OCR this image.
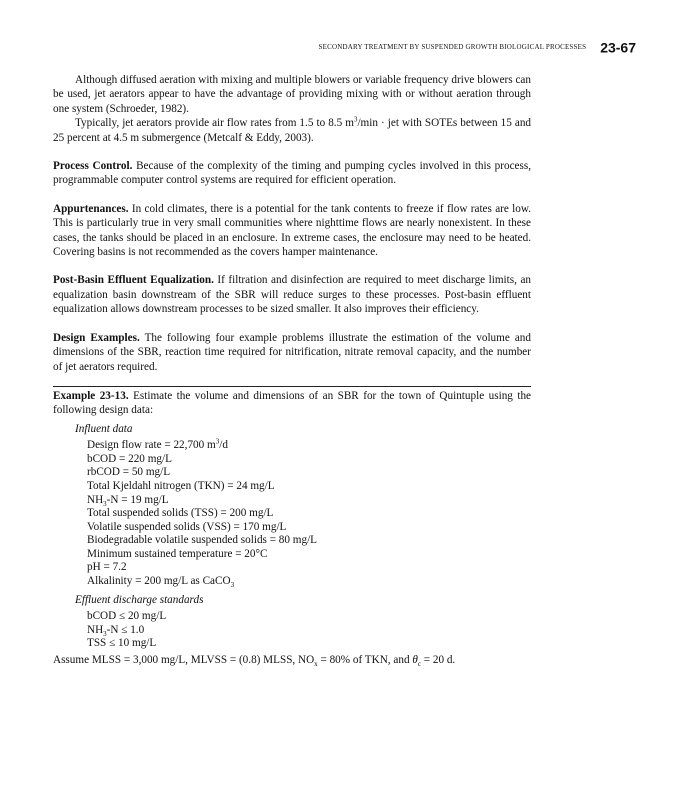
SECONDARY TREATMENT BY SUSPENDED GROWTH BIOLOGICAL PROCESSES 23-67

Although diffused aeration with mixing and multiple blowers or variable frequency drive blowers can be used, jet aerators appear to have the advantage of providing mixing with or without aeration through one system (Schroeder, 1982).

Typically, jet aerators provide air flow rates from 1.5 to 8.5 $m^3/\min$ · jet with SOTEs between 15 and 25 percent at 4.5 m submergence (Metcalf & Eddy, 2003).

Process Control. Because of the complexity of the timing and pumping cycles involved in this process, programmable computer control systems are required for efficient operation.

Appurtenances. In cold climates, there is a potential for the tank contents to freeze if flow rates are low. This is particularly true in very small communities where nighttime flows are nearly nonexistent. In these cases, the tanks should be placed in an enclosure. In extreme cases, the enclosure may need to be heated. Covering basins is not recommended as the covers hamper maintenance.

Post-Basin Effluent Equalization. If filtration and disinfection are required to meet discharge limits, an equalization basin downstream of the SBR will reduce surges to these processes. Post-basin effluent equalization allows downstream processes to be sized smaller. It also improves their efficiency.

Design Examples. The following four example problems illustrate the estimation of the volume and dimensions of the SBR, reaction time required for nitrification, nitrate removal capacity, and the number of jet aerators required.

Example 23-13. Estimate the volume and dimensions of an SBR for the town of Quintuple using the following design data:

Influent data
Design flow rate = 22,700 $m^3/d$
bCOD = 220 mg/L
rbCOD = 50 mg/L
Total Kjeldahl nitrogen (TKN) = 24 mg/L
$NH_3-N = 19$ mg/L
Total suspended solids (TSS) = 200 mg/L
Volatile suspended solids (VSS) = 170 mg/L
Biodegradable volatile suspended solids = 80 mg/L
Minimum sustained temperature = 20°C
pH = 7.2
Alkalinity = 200 mg/L as CaCO$_3$
Effluent discharge standards
bCOD ≤ 20 mg/L
$NH_3-N \le 1.0$
TSS ≤ 10 mg/L

Assume MLSS = 3,000 mg/L, MLVSS = (0.8) MLSS, $NO_x = 80\%$ of TKN, and $\theta_c = 20$ d.
